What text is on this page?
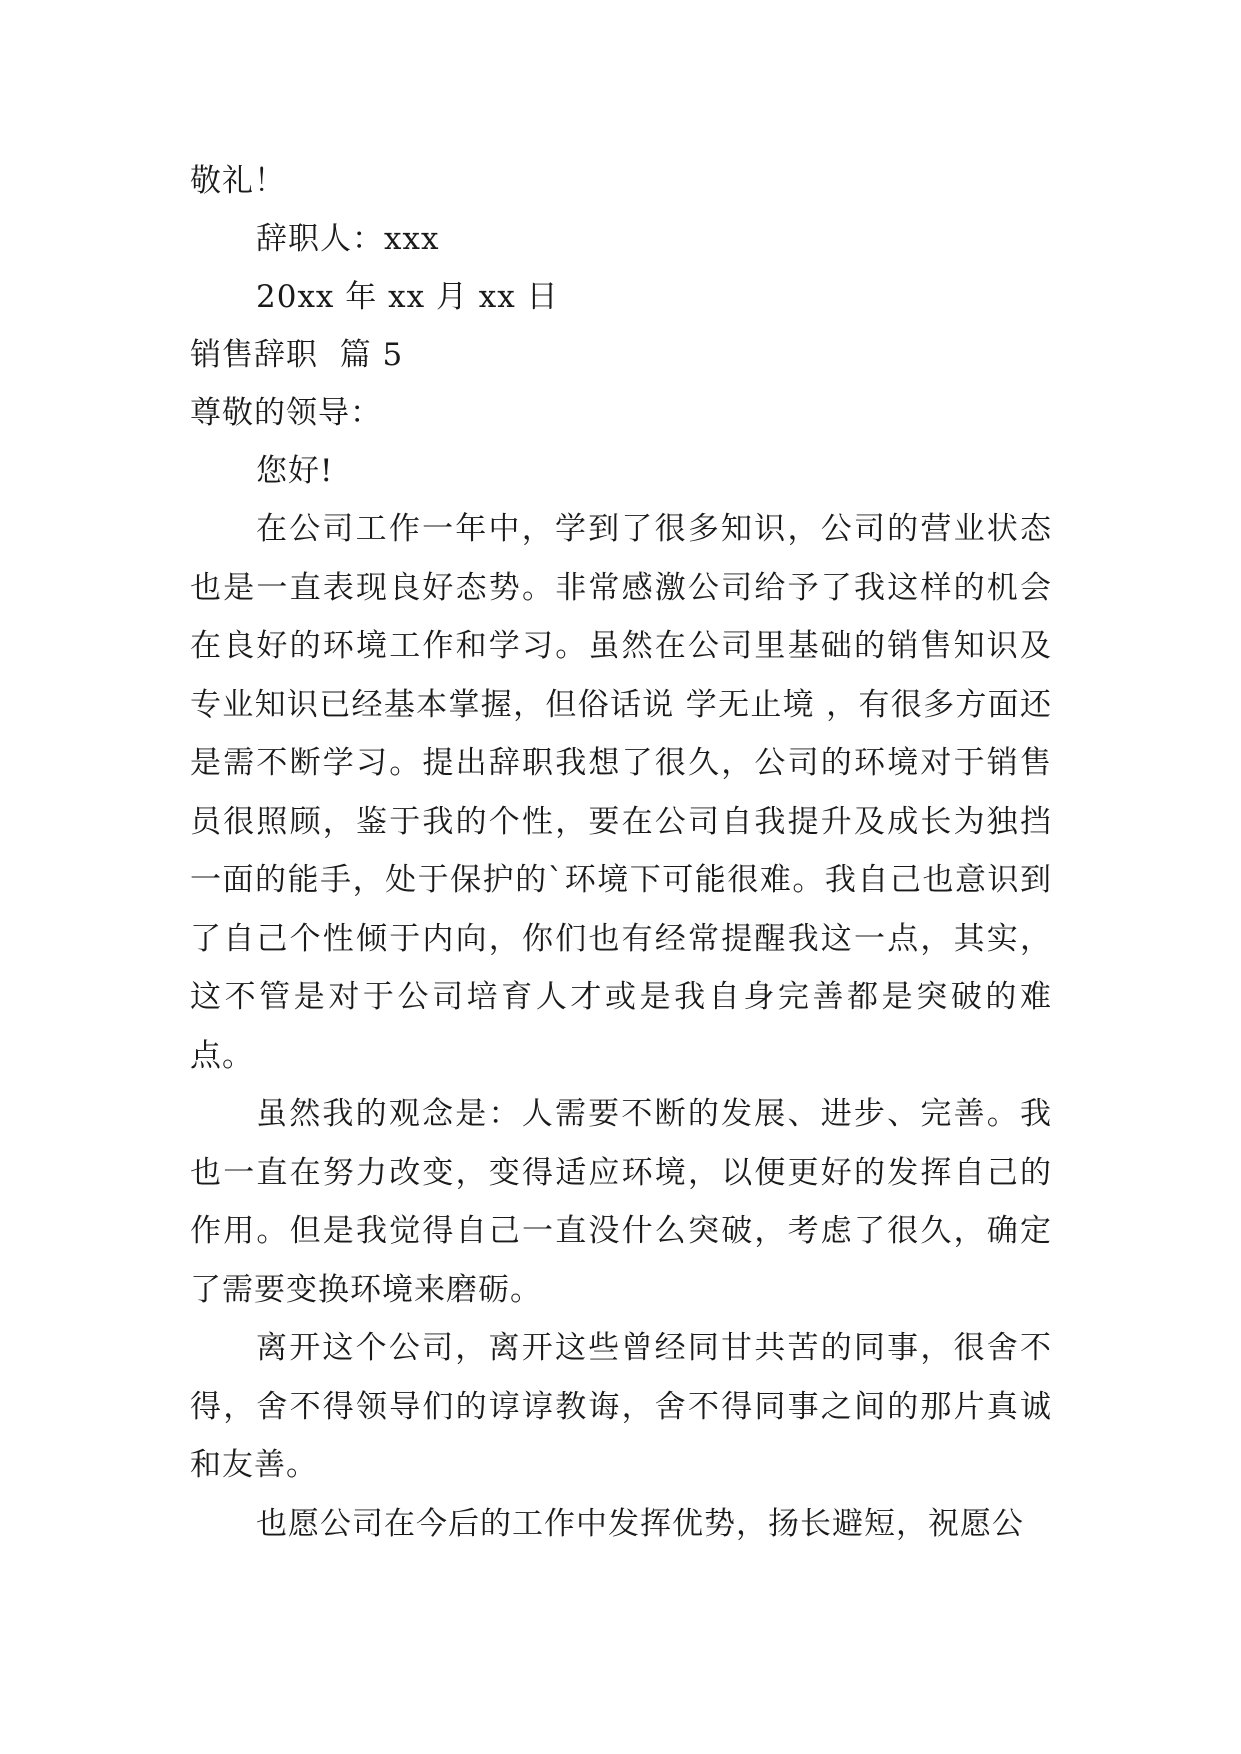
敬礼！
辞职人：xxx
20xx 年 xx 月 xx 日
销售辞职  篇 5
尊敬的领导：
您好!

在公司工作一年中，学到了很多知识，公司的营业状态也是一直表现良好态势。非常感激公司给予了我这样的机会在良好的环境工作和学习。虽然在公司里基础的销售知识及专业知识已经基本掌握，但俗话说 学无止境 ，有很多方面还是需不断学习。提出辞职我想了很久，公司的环境对于销售员很照顾，鉴于我的个性，要在公司自我提升及成长为独挡一面的能手，处于保护的`环境下可能很难。我自己也意识到了自己个性倾于内向，你们也有经常提醒我这一点，其实，这不管是对于公司培育人才或是我自身完善都是突破的难点。

虽然我的观念是：人需要不断的发展、进步、完善。我也一直在努力改变，变得适应环境，以便更好的发挥自己的作用。但是我觉得自己一直没什么突破，考虑了很久，确定了需要变换环境来磨砺。

离开这个公司，离开这些曾经同甘共苦的同事，很舍不得，舍不得领导们的谆谆教诲，舍不得同事之间的那片真诚和友善。

也愿公司在今后的工作中发挥优势，扬长避短，祝愿公
